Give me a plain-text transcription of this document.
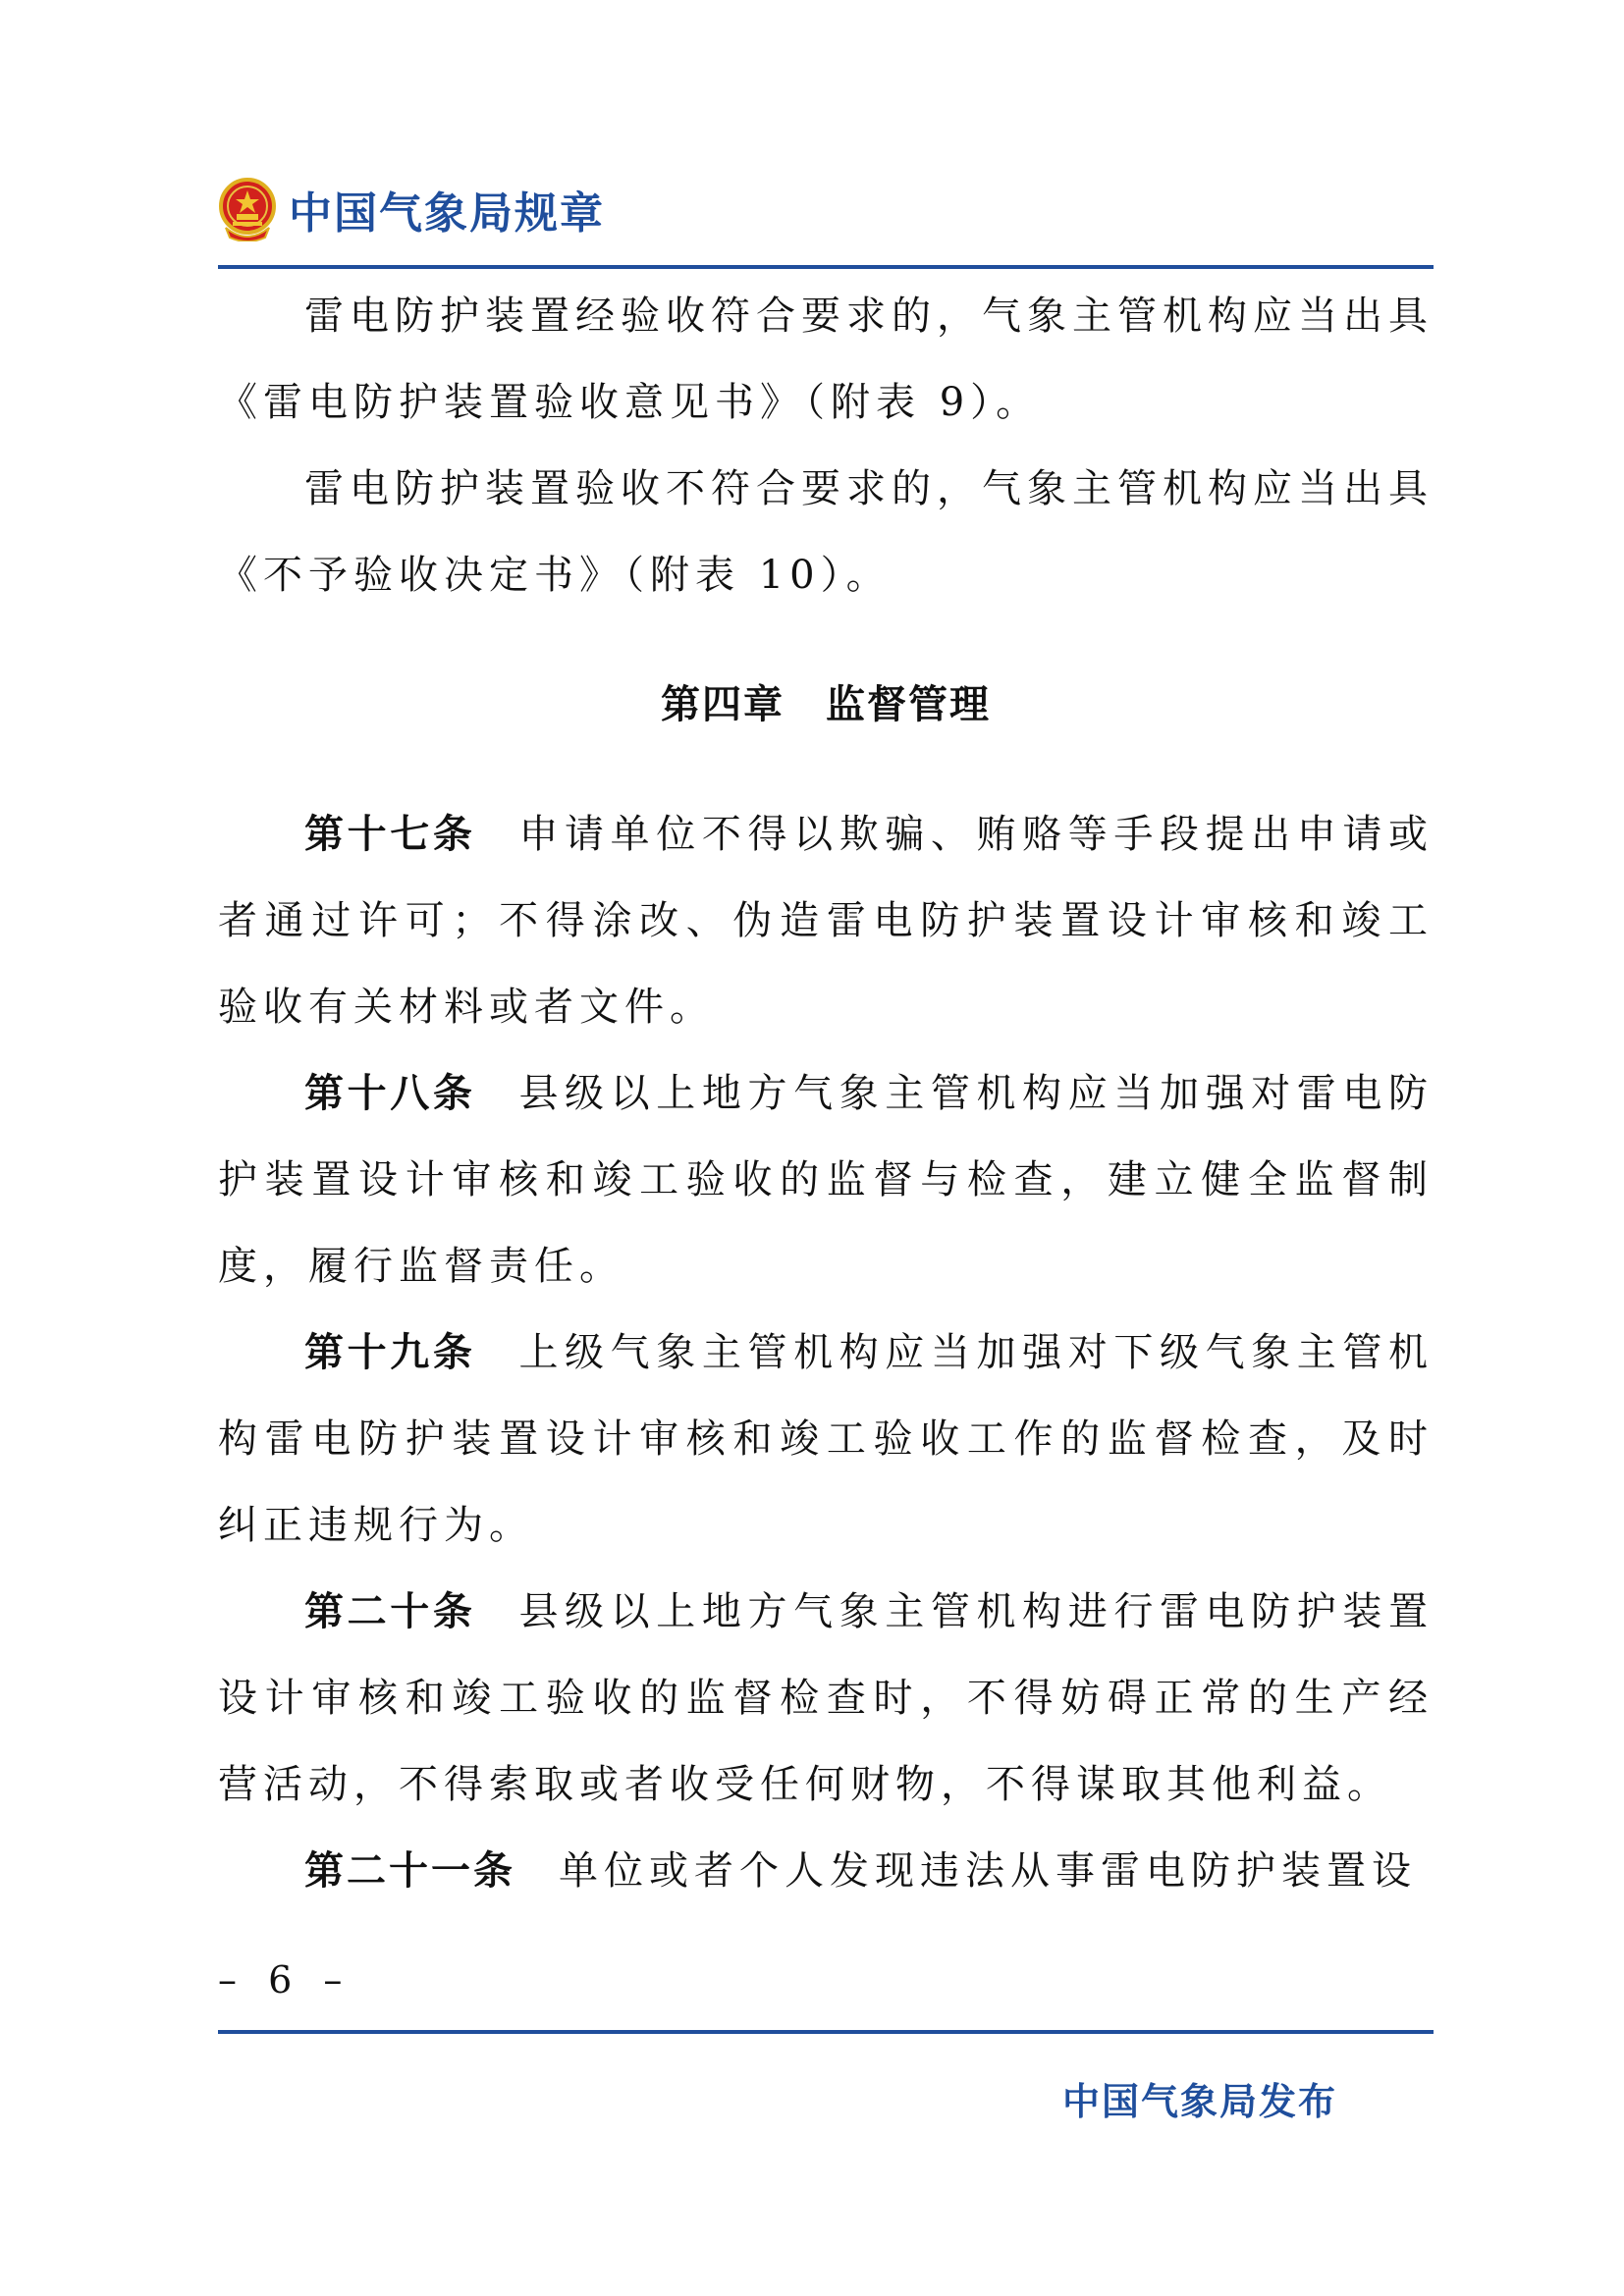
中国气象局规章

雷电防护装置经验收符合要求的，气象主管机构应当出具《雷电防护装置验收意见书》（附表 9）。

雷电防护装置验收不符合要求的，气象主管机构应当出具《不予验收决定书》（附表 10）。

第四章　监督管理

第十七条 申请单位不得以欺骗、贿赂等手段提出申请或者通过许可；不得涂改、伪造雷电防护装置设计审核和竣工验收有关材料或者文件。

第十八条 县级以上地方气象主管机构应当加强对雷电防护装置设计审核和竣工验收的监督与检查，建立健全监督制度，履行监督责任。

第十九条 上级气象主管机构应当加强对下级气象主管机构雷电防护装置设计审核和竣工验收工作的监督检查，及时纠正违规行为。

第二十条 县级以上地方气象主管机构进行雷电防护装置设计审核和竣工验收的监督检查时，不得妨碍正常的生产经营活动，不得索取或者收受任何财物，不得谋取其他利益。

第二十一条 单位或者个人发现违法从事雷电防护装置设

– 6 –
中国气象局发布
